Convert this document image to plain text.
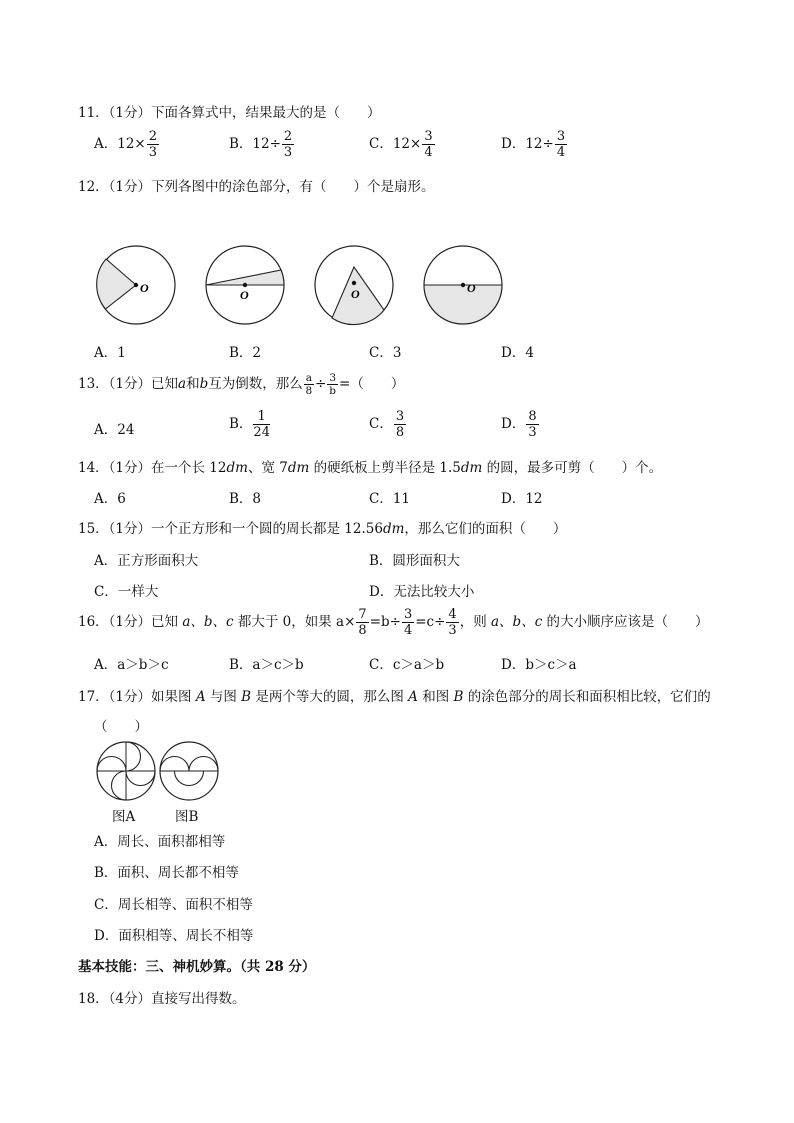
11．（1分）下面各算式中，结果最大的是（　　）
A．$12\times \frac{2}{3}$	B．$12\div \frac{2}{3}$	C．$12\times \frac{3}{4}$	D．$12\div \frac{3}{4}$
12．（1分）下列各图中的涂色部分，有（　　）个是扇形。
O	O	O	O
A．1	B．2	C．3	D．4
13．（1分）已知a和b互为倒数，那么 $\frac{a}{8} \div \frac{3}{b}$ =（　　）
A．24	B． $\frac{1}{24}$	C． $\frac{3}{8}$	D． $\frac{8}{3}$
14．（1分）在一个长 12dm、宽 7dm 的硬纸板上剪半径是 1.5dm 的圆，最多可剪（　　）个。
A．6	B．8	C．11	D．12
15．（1分）一个正方形和一个圆的周长都是 12.56dm，那么它们的面积（　　）
A．正方形面积大	B．圆形面积大
C．一样大	D．无法比较大小
16．（1分）已知 a、b、c 都大于 0，如果 $a\times \frac{7}{8} =b\div \frac{3}{4} =c\div \frac{4}{3}$ ，则 a、b、c 的大小顺序应该是（　　）
A．a＞b＞c	B．a＞c＞b	C．c＞a＞b	D．b＞c＞a
17．（1分）如果图 A 与图 B 是两个等大的圆，那么图 A 和图 B 的涂色部分的周长和面积相比较，它们的
（　　）
图A	图B
A．周长、面积都相等
B．面积、周长都不相等
C．周长相等、面积不相等
D．面积相等、周长不相等
基本技能：三、神机妙算。（共 28 分）
18．（4分）直接写出得数。
